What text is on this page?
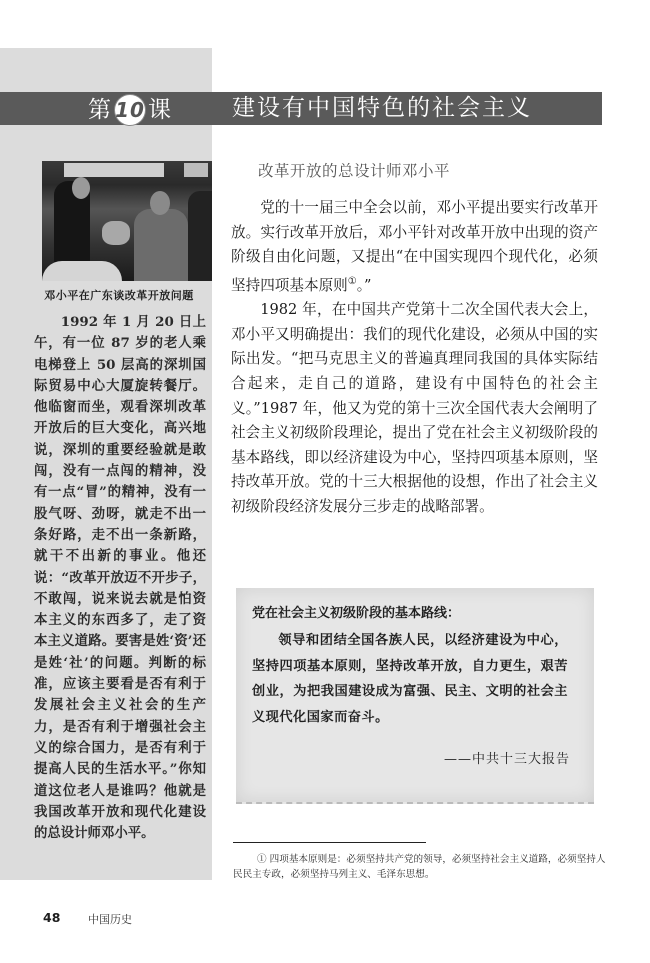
第 10 课	建设有中国特色的社会主义
邓小平在广东谈改革开放问题

1992 年 1 月 20 日上午，有一位 87 岁的老人乘电梯登上 50 层高的深圳国际贸易中心大厦旋转餐厅。他临窗而坐，观看深圳改革开放后的巨大变化，高兴地说，深圳的重要经验就是敢闯，没有一点闯的精神，没有一点“冒”的精神，没有一股气呀、劲呀，就走不出一条好路，走不出一条新路，就干不出新的事业。他还说：“改革开放迈不开步子，不敢闯，说来说去就是怕资本主义的东西多了，走了资本主义道路。要害是姓‘资’还是姓‘社’的问题。判断的标准，应该主要看是否有利于发展社会主义社会的生产力，是否有利于增强社会主义的综合国力，是否有利于提高人民的生活水平。”你知道这位老人是谁吗？他就是我国改革开放和现代化建设的总设计师邓小平。

改革开放的总设计师邓小平

党的十一届三中全会以前，邓小平提出要实行改革开放。实行改革开放后，邓小平针对改革开放中出现的资产阶级自由化问题，又提出“在中国实现四个现代化，必须坚持四项基本原则①。”

1982 年，在中国共产党第十二次全国代表大会上，邓小平又明确提出：我们的现代化建设，必须从中国的实际出发。“把马克思主义的普遍真理同我国的具体实际结合起来，走自己的道路，建设有中国特色的社会主义。”1987 年，他又为党的第十三次全国代表大会阐明了社会主义初级阶段理论，提出了党在社会主义初级阶段的基本路线，即以经济建设为中心，坚持四项基本原则，坚持改革开放。党的十三大根据他的设想，作出了社会主义初级阶段经济发展分三步走的战略部署。

党在社会主义初级阶段的基本路线：

领导和团结全国各族人民，以经济建设为中心，坚持四项基本原则，坚持改革开放，自力更生，艰苦创业，为把我国建设成为富强、民主、文明的社会主义现代化国家而奋斗。

——中共十三大报告

① 四项基本原则是：必须坚持共产党的领导，必须坚持社会主义道路，必须坚持人民民主专政，必须坚持马列主义、毛泽东思想。

48	中国历史
